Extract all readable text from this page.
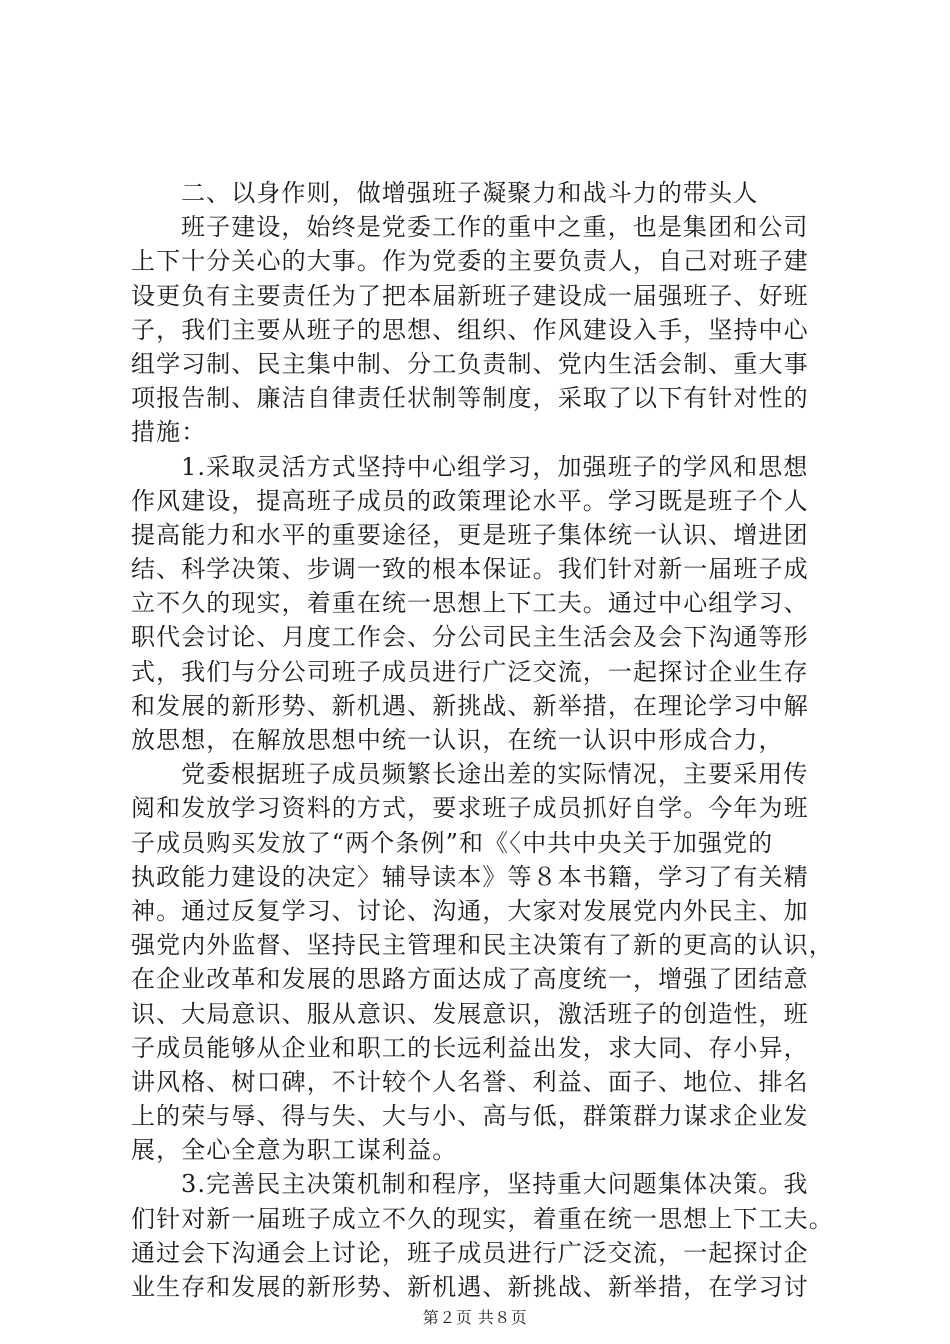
二、以身作则，做增强班子凝聚力和战斗力的带头人
班子建设，始终是党委工作的重中之重，也是集团和公司
上下十分关心的大事。作为党委的主要负责人，自己对班子建
设更负有主要责任为了把本届新班子建设成一届强班子、好班
子，我们主要从班子的思想、组织、作风建设入手，坚持中心
组学习制、民主集中制、分工负责制、党内生活会制、重大事
项报告制、廉洁自律责任状制等制度，采取了以下有针对性的
措施：
1.采取灵活方式坚持中心组学习，加强班子的学风和思想
作风建设，提高班子成员的政策理论水平。学习既是班子个人
提高能力和水平的重要途径，更是班子集体统一认识、增进团
结、科学决策、步调一致的根本保证。我们针对新一届班子成
立不久的现实，着重在统一思想上下工夫。通过中心组学习、
职代会讨论、月度工作会、分公司民主生活会及会下沟通等形
式，我们与分公司班子成员进行广泛交流，一起探讨企业生存
和发展的新形势、新机遇、新挑战、新举措，在理论学习中解
放思想，在解放思想中统一认识，在统一认识中形成合力，
党委根据班子成员频繁长途出差的实际情况，主要采用传
阅和发放学习资料的方式，要求班子成员抓好自学。今年为班
子成员购买发放了“两个条例”和《〈中共中央关于加强党的
执政能力建设的决定〉辅导读本》等８本书籍，学习了有关精
神。通过反复学习、讨论、沟通，大家对发展党内外民主、加
强党内外监督、坚持民主管理和民主决策有了新的更高的认识，
在企业改革和发展的思路方面达成了高度统一，增强了团结意
识、大局意识、服从意识、发展意识，激活班子的创造性，班
子成员能够从企业和职工的长远利益出发，求大同、存小异，
讲风格、树口碑，不计较个人名誉、利益、面子、地位、排名
上的荣与辱、得与失、大与小、高与低，群策群力谋求企业发
展，全心全意为职工谋利益。
3.完善民主决策机制和程序，坚持重大问题集体决策。我
们针对新一届班子成立不久的现实，着重在统一思想上下工夫。
通过会下沟通会上讨论，班子成员进行广泛交流，一起探讨企
业生存和发展的新形势、新机遇、新挑战、新举措，在学习讨
第２页 共８页
